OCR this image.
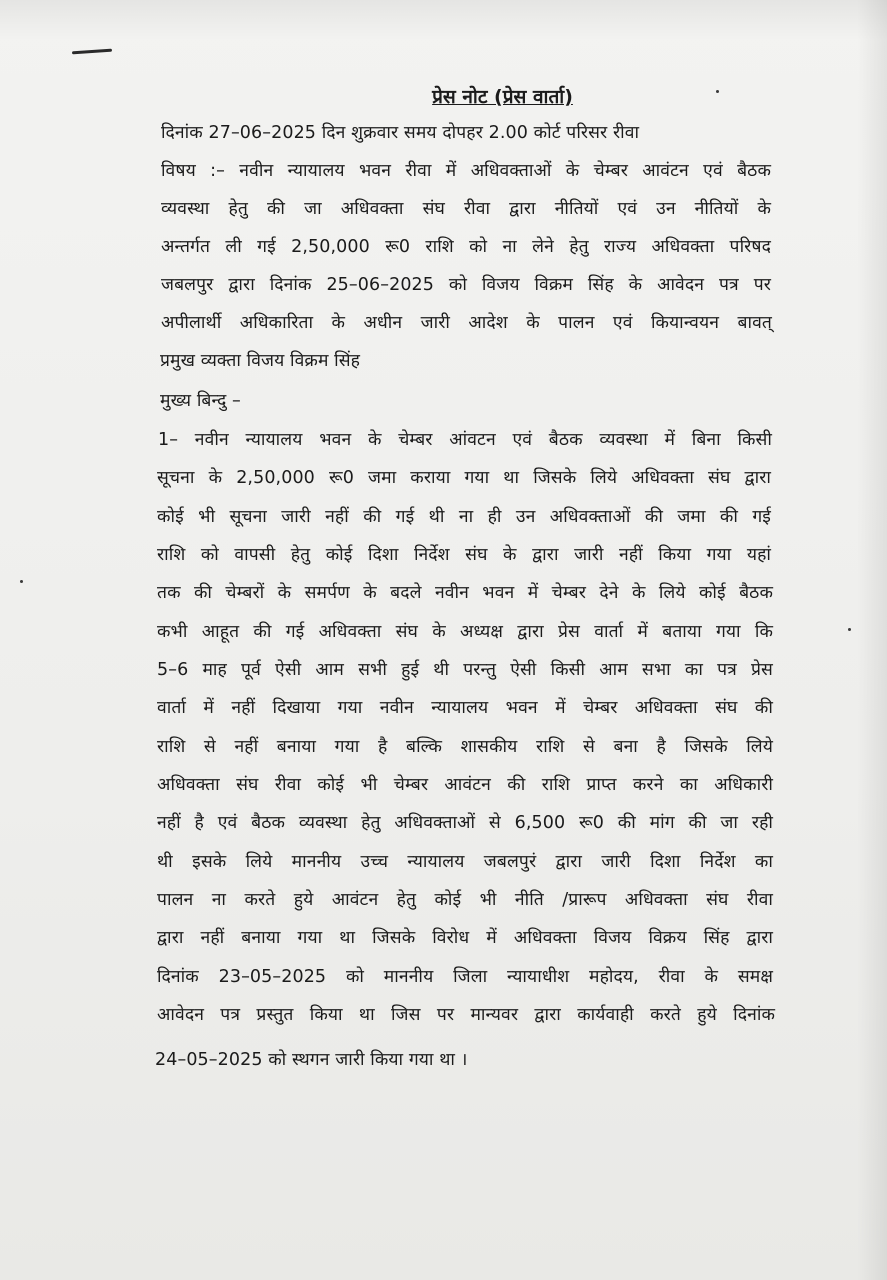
प्रेस नोट (प्रेस वार्ता)
दिनांक 27–06–2025 दिन शुक्रवार समय दोपहर 2.00 कोर्ट परिसर रीवा
विषय :– नवीन न्यायालय भवन रीवा में अधिवक्ताओं के चेम्बर आवंटन एवं बैठक
व्यवस्था हेतु की जा अधिवक्ता संघ रीवा द्वारा नीतियों एवं उन नीतियों के
अन्तर्गत ली गई 2,50,000 रू0 राशि को ना लेने हेतु राज्य अधिवक्ता परिषद
जबलपुर द्वारा दिनांक 25–06–2025 को विजय विक्रम सिंह के आवेदन पत्र पर
अपीलार्थी अधिकारिता के अधीन जारी आदेश के पालन एवं कियान्वयन बावत्
प्रमुख व्यक्ता विजय विक्रम सिंह
मुख्य बिन्दु –
1– नवीन न्यायालय भवन के चेम्बर आंवटन एवं बैठक व्यवस्था में बिना किसी
सूचना के 2,50,000 रू0 जमा कराया गया था जिसके लिये अधिवक्ता संघ द्वारा
कोई भी सूचना जारी नहीं की गई थी ना ही उन अधिवक्ताओं की जमा की गई
राशि को वापसी हेतु कोई दिशा निर्देश संघ के द्वारा जारी नहीं किया गया यहां
तक की चेम्बरों के समर्पण के बदले नवीन भवन में चेम्बर देने के लिये कोई बैठक
कभी आहूत की गई अधिवक्ता संघ के अध्यक्ष द्वारा प्रेस वार्ता में बताया गया कि
5–6 माह पूर्व ऐसी आम सभी हुई थी परन्तु ऐसी किसी आम सभा का पत्र प्रेस
वार्ता में नहीं दिखाया गया नवीन न्यायालय भवन में चेम्बर अधिवक्ता संघ की
राशि से नहीं बनाया गया है बल्कि शासकीय राशि से बना है जिसके लिये
अधिवक्ता संघ रीवा कोई भी चेम्बर आवंटन की राशि प्राप्त करने का अधिकारी
नहीं है एवं बैठक व्यवस्था हेतु अधिवक्ताओं से 6,500 रू0 की मांग की जा रही
थी इसके लिये माननीय उच्च न्यायालय जबलपुरं द्वारा जारी दिशा निर्देश का
पालन ना करते हुये आवंटन हेतु कोई भी नीति /प्रारूप अधिवक्ता संघ रीवा
द्वारा नहीं बनाया गया था जिसके विरोध में अधिवक्ता विजय विक्रय सिंह द्वारा
दिनांक 23–05–2025 को माननीय जिला न्यायाधीश महोदय, रीवा के समक्ष
आवेदन पत्र प्रस्तुत किया था जिस पर मान्यवर द्वारा कार्यवाही करते हुये दिनांक
24–05–2025 को स्थगन जारी किया गया था ।
